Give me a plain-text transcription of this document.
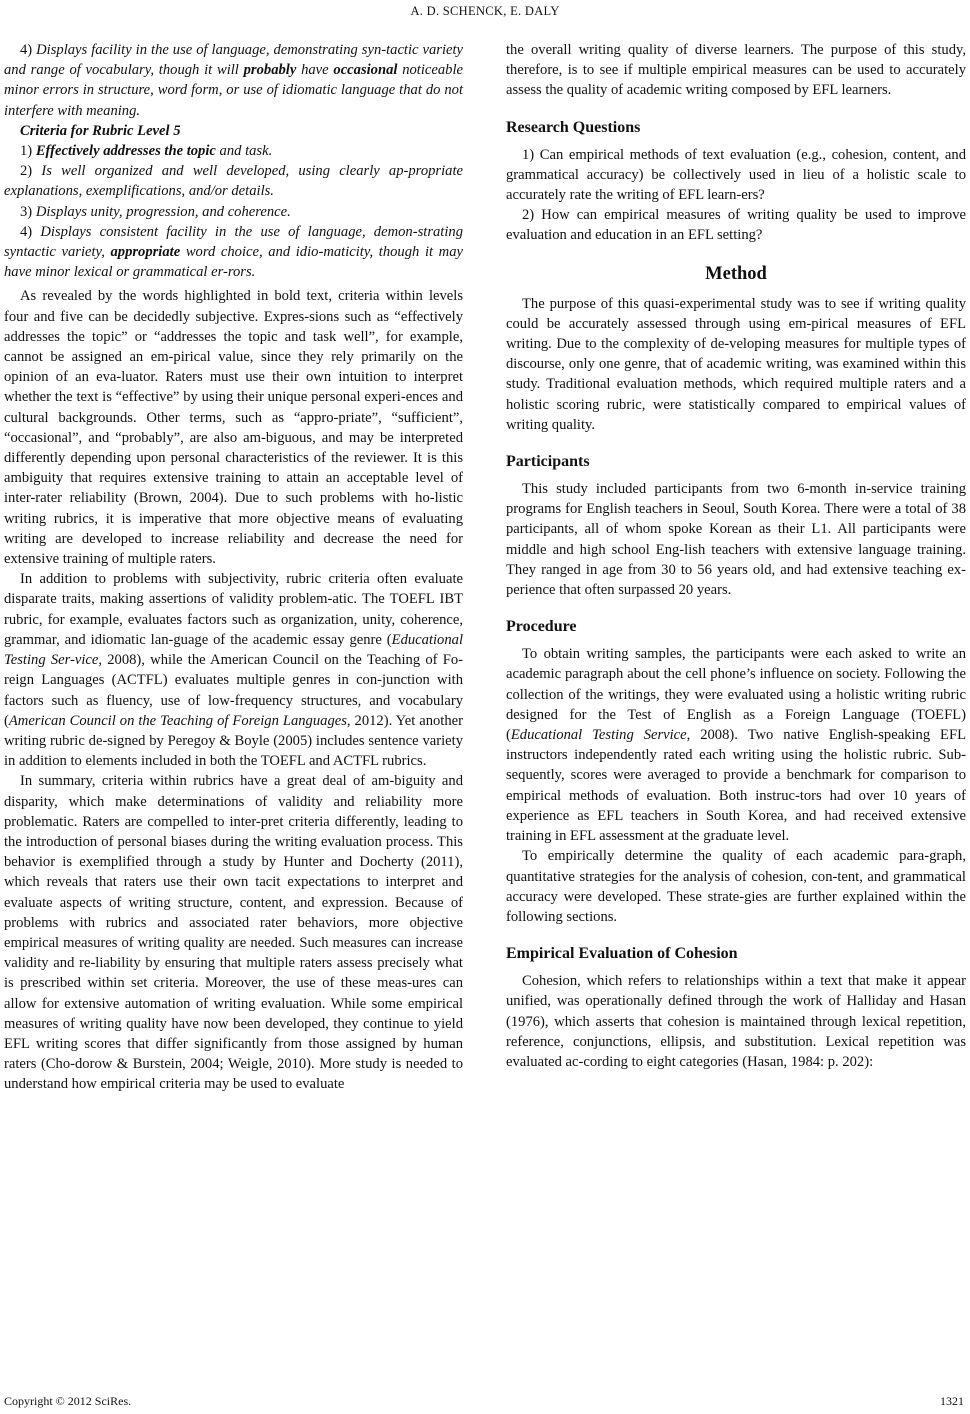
A. D. SCHENCK, E. DALY

4) Displays facility in the use of language, demonstrating syn-tactic variety and range of vocabulary, though it will probably have occasional noticeable minor errors in structure, word form, or use of idiomatic language that do not interfere with meaning.

Criteria for Rubric Level 5

1) Effectively addresses the topic and task.

2) Is well organized and well developed, using clearly ap-propriate explanations, exemplifications, and/or details.

3) Displays unity, progression, and coherence.

4) Displays consistent facility in the use of language, demon-strating syntactic variety, appropriate word choice, and idio-maticity, though it may have minor lexical or grammatical er-rors.

As revealed by the words highlighted in bold text, criteria within levels four and five can be decidedly subjective. Expres-sions such as “effectively addresses the topic” or “addresses the topic and task well”, for example, cannot be assigned an em-pirical value, since they rely primarily on the opinion of an eva-luator. Raters must use their own intuition to interpret whether the text is “effective” by using their unique personal experi-ences and cultural backgrounds. Other terms, such as “appro-priate”, “sufficient”, “occasional”, and “probably”, are also am-biguous, and may be interpreted differently depending upon personal characteristics of the reviewer. It is this ambiguity that requires extensive training to attain an acceptable level of inter-rater reliability (Brown, 2004). Due to such problems with ho-listic writing rubrics, it is imperative that more objective means of evaluating writing are developed to increase reliability and decrease the need for extensive training of multiple raters.

In addition to problems with subjectivity, rubric criteria often evaluate disparate traits, making assertions of validity problem-atic. The TOEFL IBT rubric, for example, evaluates factors such as organization, unity, coherence, grammar, and idiomatic lan-guage of the academic essay genre (Educational Testing Ser-vice, 2008), while the American Council on the Teaching of Fo-reign Languages (ACTFL) evaluates multiple genres in con-junction with factors such as fluency, use of low-frequency structures, and vocabulary (American Council on the Teaching of Foreign Languages, 2012). Yet another writing rubric de-signed by Peregoy & Boyle (2005) includes sentence variety in addition to elements included in both the TOEFL and ACTFL rubrics.

In summary, criteria within rubrics have a great deal of am-biguity and disparity, which make determinations of validity and reliability more problematic. Raters are compelled to inter-pret criteria differently, leading to the introduction of personal biases during the writing evaluation process. This behavior is exemplified through a study by Hunter and Docherty (2011), which reveals that raters use their own tacit expectations to interpret and evaluate aspects of writing structure, content, and expression. Because of problems with rubrics and associated rater behaviors, more objective empirical measures of writing quality are needed. Such measures can increase validity and re-liability by ensuring that multiple raters assess precisely what is prescribed within set criteria. Moreover, the use of these meas-ures can allow for extensive automation of writing evaluation. While some empirical measures of writing quality have now been developed, they continue to yield EFL writing scores that differ significantly from those assigned by human raters (Cho-dorow & Burstein, 2004; Weigle, 2010). More study is needed to understand how empirical criteria may be used to evaluate

the overall writing quality of diverse learners. The purpose of this study, therefore, is to see if multiple empirical measures can be used to accurately assess the quality of academic writing composed by EFL learners.

Research Questions

1) Can empirical methods of text evaluation (e.g., cohesion, content, and grammatical accuracy) be collectively used in lieu of a holistic scale to accurately rate the writing of EFL learn-ers?

2) How can empirical measures of writing quality be used to improve evaluation and education in an EFL setting?

Method

The purpose of this quasi-experimental study was to see if writing quality could be accurately assessed through using em-pirical measures of EFL writing. Due to the complexity of de-veloping measures for multiple types of discourse, only one genre, that of academic writing, was examined within this study. Traditional evaluation methods, which required multiple raters and a holistic scoring rubric, were statistically compared to empirical values of writing quality.

Participants

This study included participants from two 6-month in-service training programs for English teachers in Seoul, South Korea. There were a total of 38 participants, all of whom spoke Korean as their L1. All participants were middle and high school Eng-lish teachers with extensive language training. They ranged in age from 30 to 56 years old, and had extensive teaching ex-perience that often surpassed 20 years.

Procedure

To obtain writing samples, the participants were each asked to write an academic paragraph about the cell phone’s influence on society. Following the collection of the writings, they were evaluated using a holistic writing rubric designed for the Test of English as a Foreign Language (TOEFL) (Educational Testing Service, 2008). Two native English-speaking EFL instructors independently rated each writing using the holistic rubric. Sub-sequently, scores were averaged to provide a benchmark for comparison to empirical methods of evaluation. Both instruc-tors had over 10 years of experience as EFL teachers in South Korea, and had received extensive training in EFL assessment at the graduate level.

To empirically determine the quality of each academic para-graph, quantitative strategies for the analysis of cohesion, con-tent, and grammatical accuracy were developed. These strate-gies are further explained within the following sections.

Empirical Evaluation of Cohesion

Cohesion, which refers to relationships within a text that make it appear unified, was operationally defined through the work of Halliday and Hasan (1976), which asserts that cohesion is maintained through lexical repetition, reference, conjunctions, ellipsis, and substitution. Lexical repetition was evaluated ac-cording to eight categories (Hasan, 1984: p. 202):

Copyright © 2012 SciRes.	1321
